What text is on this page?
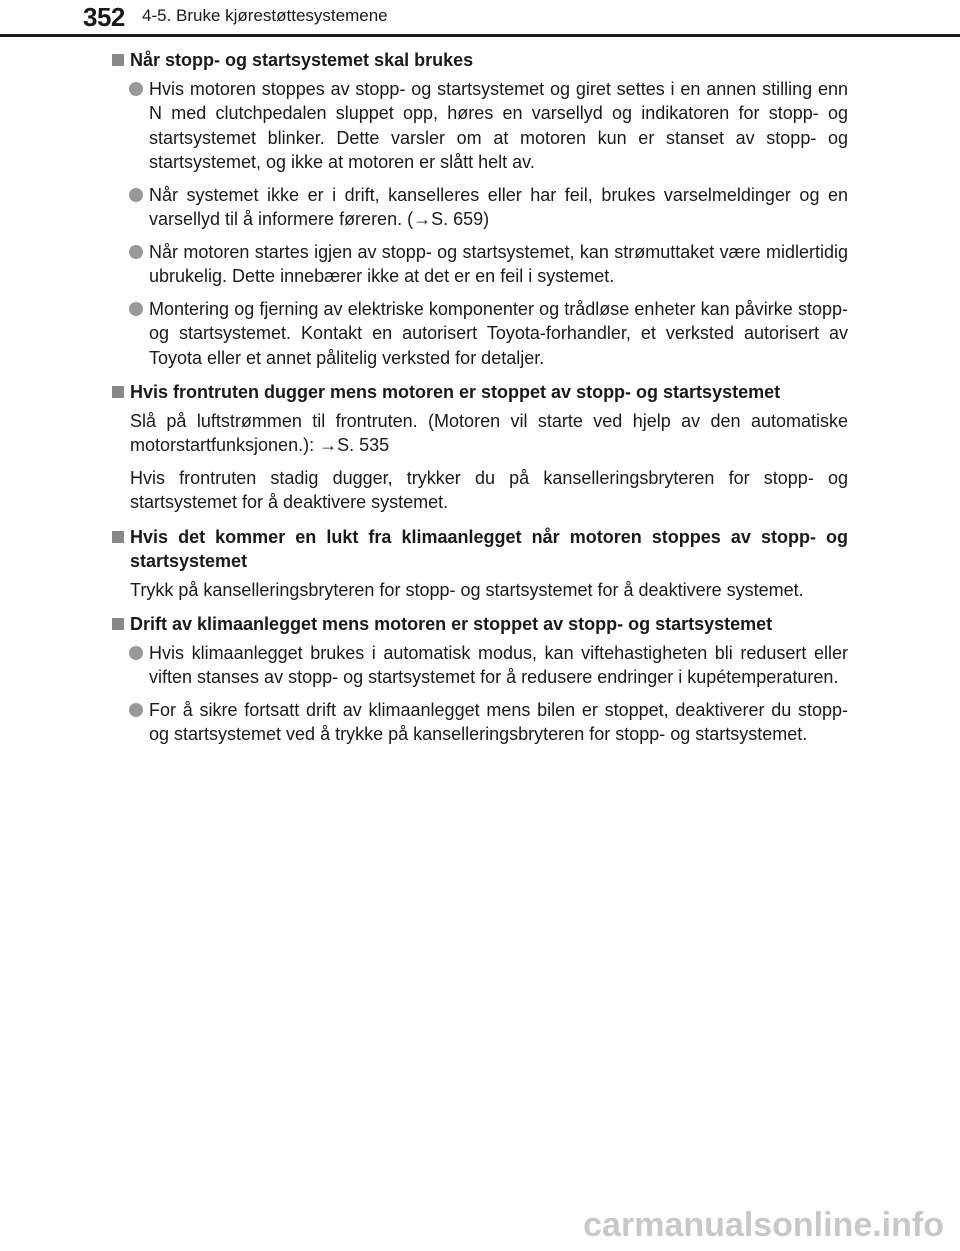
352 4-5. Bruke kjørestøttesystemene
Når stopp- og startsystemet skal brukes
Hvis motoren stoppes av stopp- og startsystemet og giret settes i en annen stilling enn N med clutchpedalen sluppet opp, høres en varsellyd og indikatoren for stopp- og startsystemet blinker. Dette varsler om at motoren kun er stanset av stopp- og startsystemet, og ikke at motoren er slått helt av.
Når systemet ikke er i drift, kanselleres eller har feil, brukes varselmeldinger og en varsellyd til å informere føreren. (→S. 659)
Når motoren startes igjen av stopp- og startsystemet, kan strømuttaket være midlertidig ubrukelig. Dette innebærer ikke at det er en feil i systemet.
Montering og fjerning av elektriske komponenter og trådløse enheter kan påvirke stopp- og startsystemet. Kontakt en autorisert Toyota-forhandler, et verksted autorisert av Toyota eller et annet pålitelig verksted for detaljer.
Hvis frontruten dugger mens motoren er stoppet av stopp- og startsystemet
Slå på luftstrømmen til frontruten. (Motoren vil starte ved hjelp av den automatiske motorstartfunksjonen.): →S. 535
Hvis frontruten stadig dugger, trykker du på kanselleringsbryteren for stopp- og startsystemet for å deaktivere systemet.
Hvis det kommer en lukt fra klimaanlegget når motoren stoppes av stopp- og startsystemet
Trykk på kanselleringsbryteren for stopp- og startsystemet for å deaktivere systemet.
Drift av klimaanlegget mens motoren er stoppet av stopp- og startsystemet
Hvis klimaanlegget brukes i automatisk modus, kan viftehastigheten bli redusert eller viften stanses av stopp- og startsystemet for å redusere endringer i kupétemperaturen.
For å sikre fortsatt drift av klimaanlegget mens bilen er stoppet, deaktiverer du stopp- og startsystemet ved å trykke på kanselleringsbryteren for stopp- og startsystemet.
carmanualsonline.info
